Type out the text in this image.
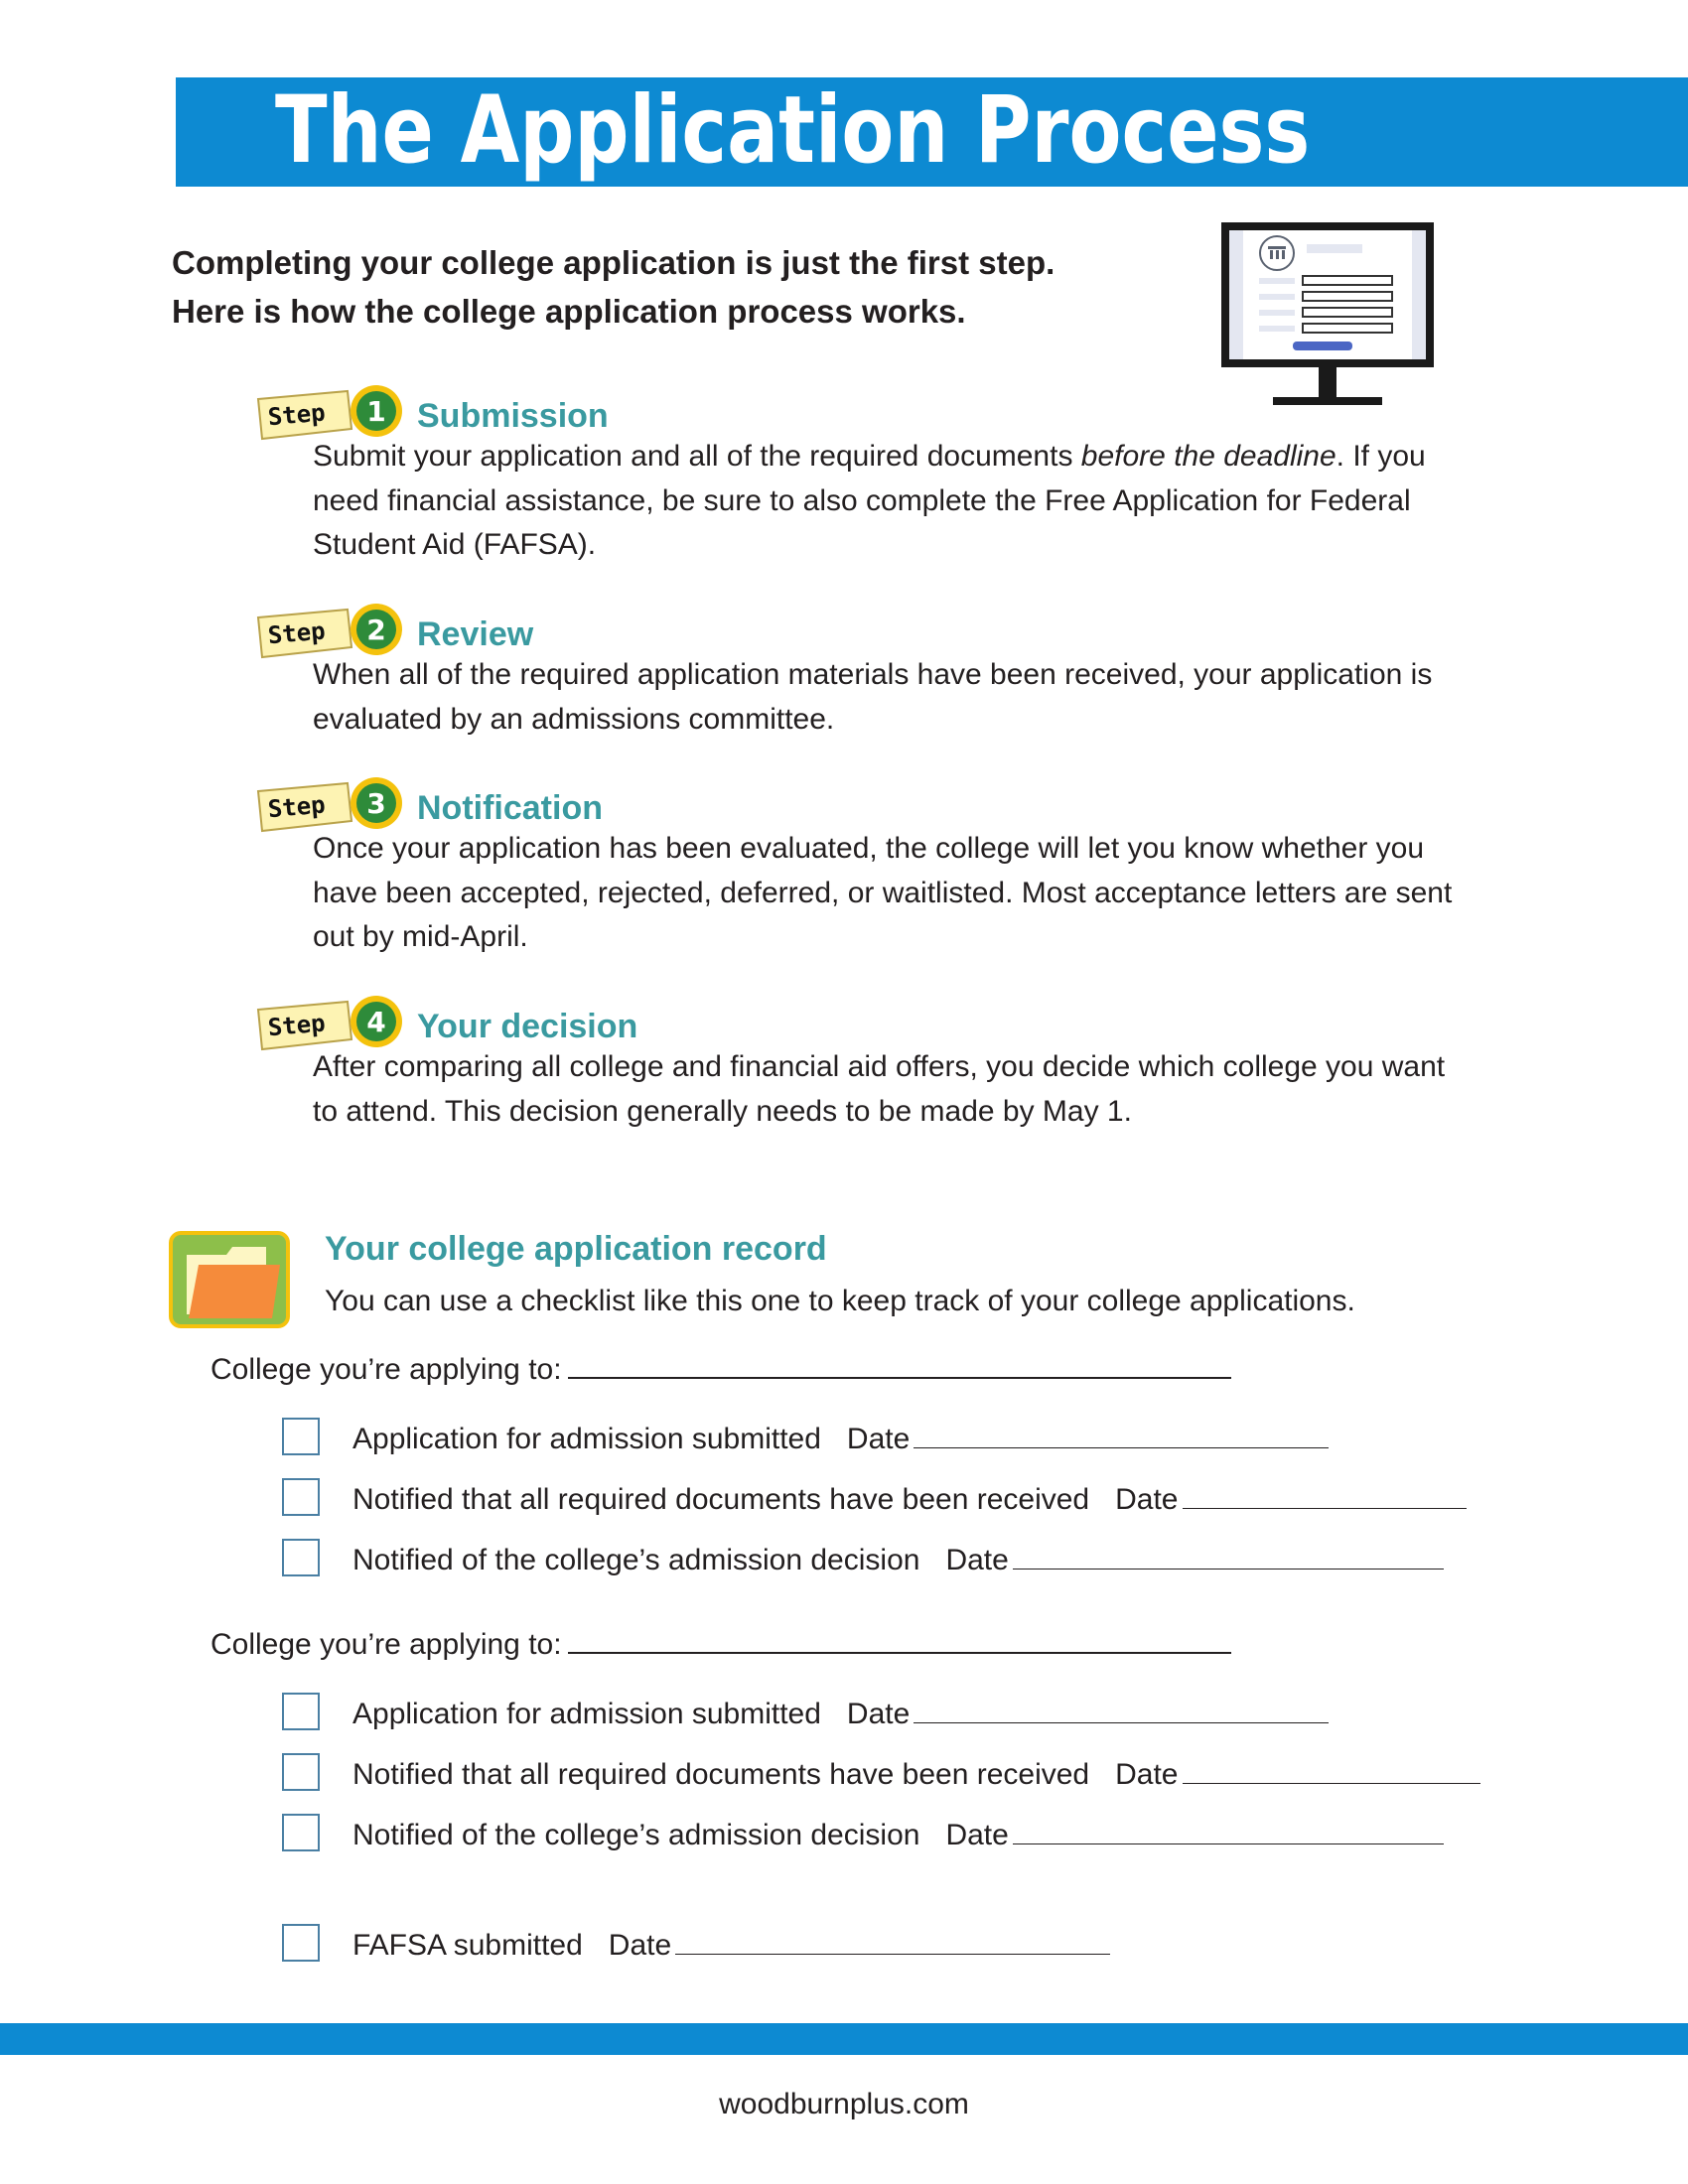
The Application Process
Completing your college application is just the first step.
Here is how the college application process works.
Step 1 Submission
Submit your application and all of the required documents before the deadline. If you
need financial assistance, be sure to also complete the Free Application for Federal
Student Aid (FAFSA).
Step 2 Review
When all of the required application materials have been received, your application is
evaluated by an admissions committee.
Step 3 Notification
Once your application has been evaluated, the college will let you know whether you
have been accepted, rejected, deferred, or waitlisted. Most acceptance letters are sent
out by mid-April.
Step 4 Your decision
After comparing all college and financial aid offers, you decide which college you want
to attend. This decision generally needs to be made by May 1.
Your college application record
You can use a checklist like this one to keep track of your college applications.
College you’re applying to:
Application for admission submitted Date
Notified that all required documents have been received Date
Notified of the college’s admission decision Date
College you’re applying to:
Application for admission submitted Date
Notified that all required documents have been received Date
Notified of the college’s admission decision Date
FAFSA submitted Date
woodburnplus.com
